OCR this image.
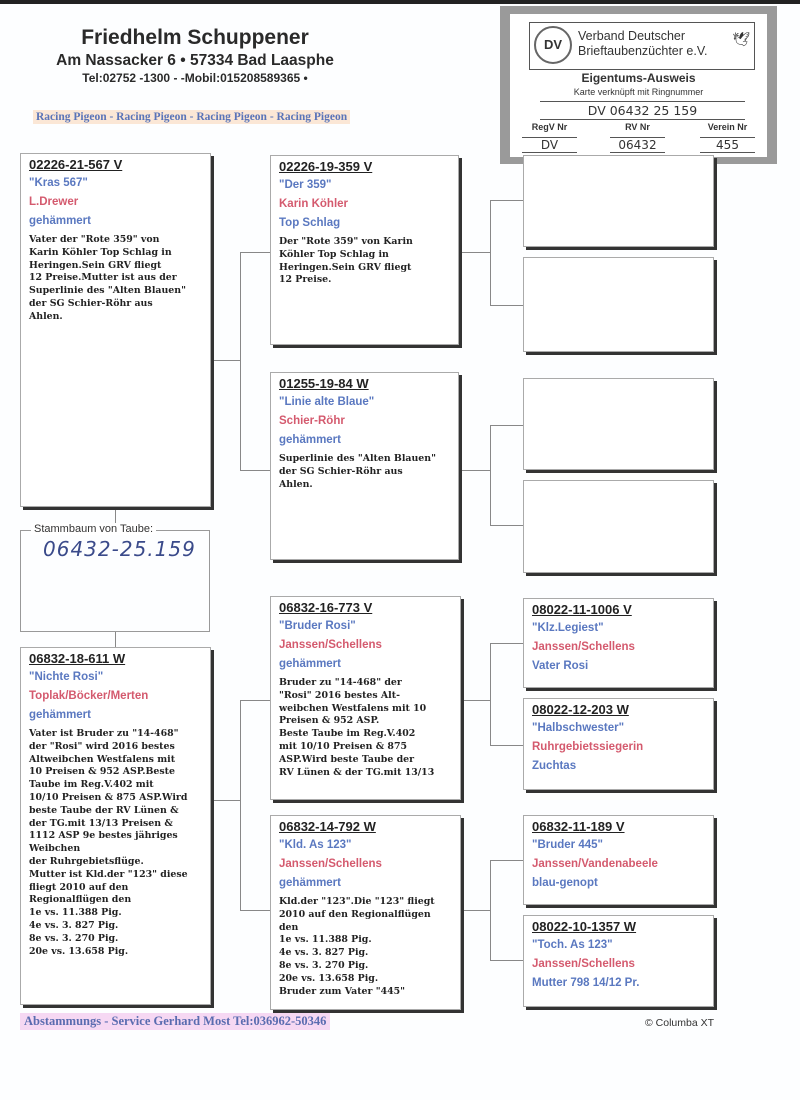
Friedhelm Schuppener
Am Nassacker 6 • 57334 Bad Laasphe
Tel:02752 -1300 - -Mobil:015208589365 •
Racing Pigeon - Racing Pigeon - Racing Pigeon - Racing Pigeon
DV
Verband Deutscher
Brieftaubenzüchter e.V.
🕊
Eigentums-Ausweis
Karte verknüpft mit Ringnummer
DV 06432 25 159
RegV Nr	RV Nr	Verein Nr
DV	06432	455
Stammbaum von Taube:
06432-25.159
02226-21-567 V
"Kras 567"
L.Drewer
gehämmert
Vater der "Rote 359" von
Karin Köhler Top Schlag in
Heringen.Sein GRV fliegt
12 Preise.Mutter ist aus der
Superlinie des "Alten Blauen"
der SG Schier-Röhr aus
Ahlen.
02226-19-359 V
"Der 359"
Karin Köhler
Top Schlag
Der "Rote 359" von Karin
Köhler Top Schlag in
Heringen.Sein GRV fliegt
12 Preise.
01255-19-84 W
"Linie alte Blaue"
Schier-Röhr
gehämmert
Superlinie des "Alten Blauen"
der SG Schier-Röhr aus
Ahlen.
06832-18-611 W
"Nichte Rosi"
Toplak/Böcker/Merten
gehämmert
Vater ist Bruder zu "14-468"
der "Rosi" wird 2016 bestes
Altweibchen Westfalens mit
10 Preisen & 952 ASP.Beste
Taube im Reg.V.402 mit
10/10 Preisen & 875 ASP.Wird
beste Taube der RV Lünen &
der TG.mit 13/13 Preisen &
1112 ASP 9e bestes jähriges
Weibchen
der Ruhrgebietsflüge.
Mutter ist Kld.der "123" diese
fliegt 2010 auf den
Regionalflügen den
1e vs. 11.388 Pig.
4e vs. 3. 827 Pig.
8e vs. 3. 270 Pig.
20e vs. 13.658 Pig.
06832-16-773 V
"Bruder Rosi"
Janssen/Schellens
gehämmert
Bruder zu "14-468" der
"Rosi" 2016 bestes Alt-
weibchen Westfalens mit 10
Preisen & 952 ASP.
Beste Taube im Reg.V.402
mit 10/10 Preisen & 875
ASP.Wird beste Taube der
RV Lünen & der TG.mit 13/13
06832-14-792 W
"Kld. As 123"
Janssen/Schellens
gehämmert
Kld.der "123".Die "123" fliegt
2010 auf den Regionalflügen
den
1e vs. 11.388 Pig.
4e vs. 3. 827 Pig.
8e vs. 3. 270 Pig.
20e vs. 13.658 Pig.
Bruder zum Vater "445"
08022-11-1006 V
"Klz.Legiest"
Janssen/Schellens
Vater Rosi
08022-12-203 W
"Halbschwester"
Ruhrgebietssiegerin
Zuchtas
06832-11-189 V
"Bruder 445"
Janssen/Vandenabeele
blau-genopt
08022-10-1357 W
"Toch. As 123"
Janssen/Schellens
Mutter 798 14/12 Pr.
Abstammungs - Service Gerhard Most Tel:036962-50346	© Columba XT
